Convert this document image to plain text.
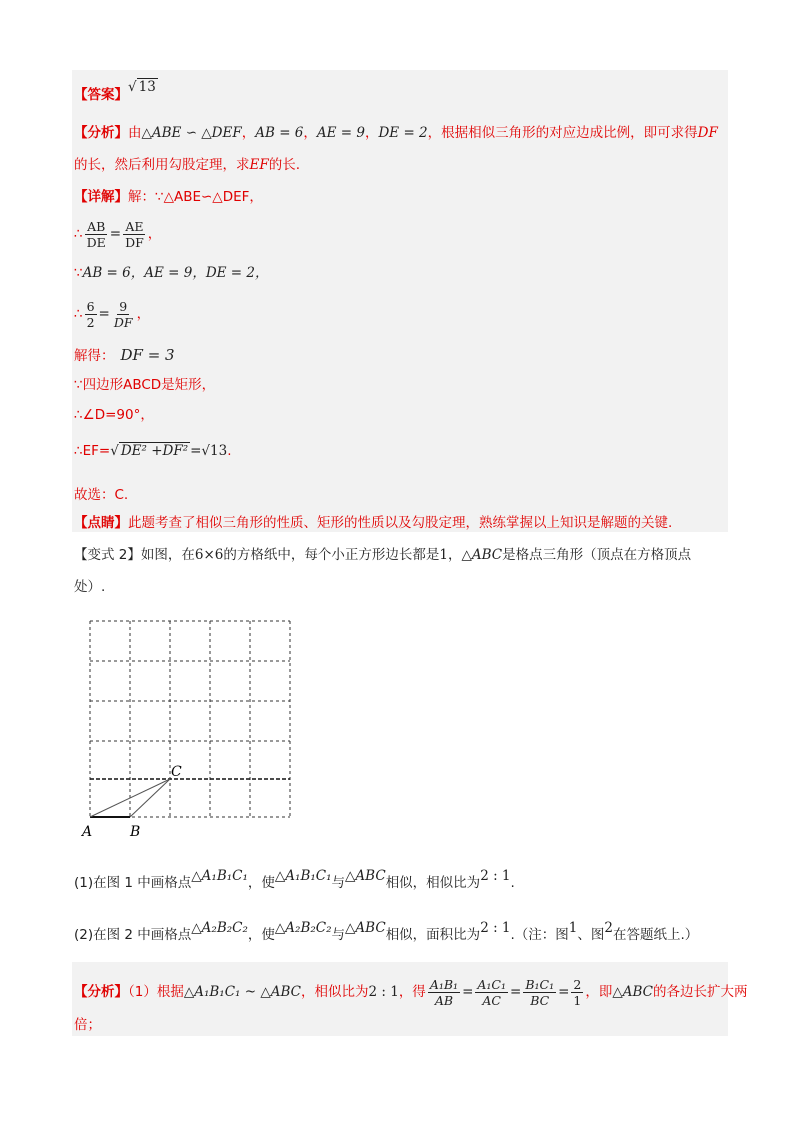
【答案】√ 13
【分析】由△ABE ∽ △DEF，AB = 6，AE = 9，DE = 2，根据相似三角形的对应边成比例，即可求得DF
的长，然后利用勾股定理，求EF的长.
【详解】解：∵△ABE∽△DEF，
∴ $\frac{AB}{DE} = \frac{AE}{DF}$ ，
∵AB = 6，AE = 9，DE = 2，
∴ $\frac{6}{2} = \frac{9}{DF}$ ，
解得： DF = 3
∵四边形ABCD是矩形，
∴∠D=90°，
∴EF=√ DE² +DF² =√13.
故选：C.
【点睛】此题考查了相似三角形的性质、矩形的性质以及勾股定理，熟练掌握以上知识是解题的关键.
【变式 2】如图，在6×6的方格纸中，每个小正方形边长都是1，△ABC是格点三角形（顶点在方格顶点
处）.
A	B
C
(1)在图 1 中画格点△A₁B₁C₁，使△A₁B₁C₁与△ABC相似，相似比为2 : 1.
(2)在图 2 中画格点△A₂B₂C₂，使△A₂B₂C₂与△ABC相似，面积比为2 : 1.（注：图1、图2在答题纸上.）
【分析】（1）根据△A₁B₁C₁ ~ △ABC，相似比为2 : 1，得 $\frac{\text{A₁B₁}}{AB} = \frac{\text{A₁C₁}}{AC} = \frac{\text{B₁C₁}}{BC} = \frac{2}{1}$ ，即△ABC的各边长扩大两
倍；
